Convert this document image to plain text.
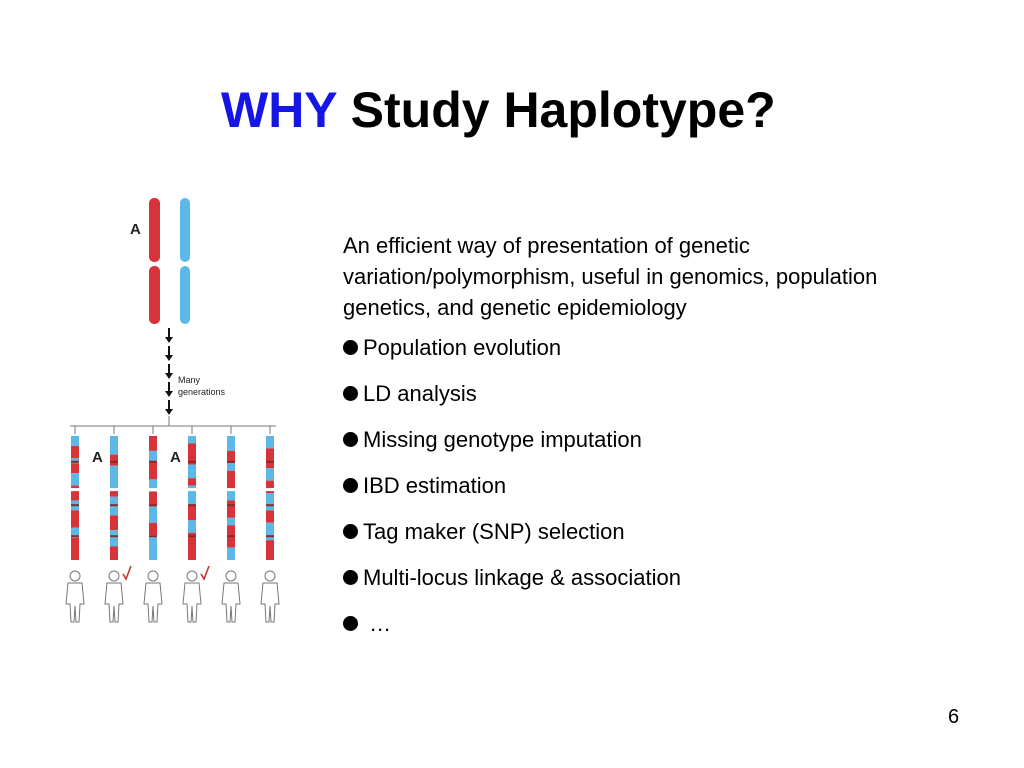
WHY Study Haplotype?
A
Many
generations
A	A

An efficient way of presentation of genetic variation/polymorphism, useful in genomics, population genetics, and genetic epidemiology

Population evolution
LD analysis
Missing genotype imputation
IBD estimation
Tag maker (SNP) selection
Multi-locus linkage & association
…
6
